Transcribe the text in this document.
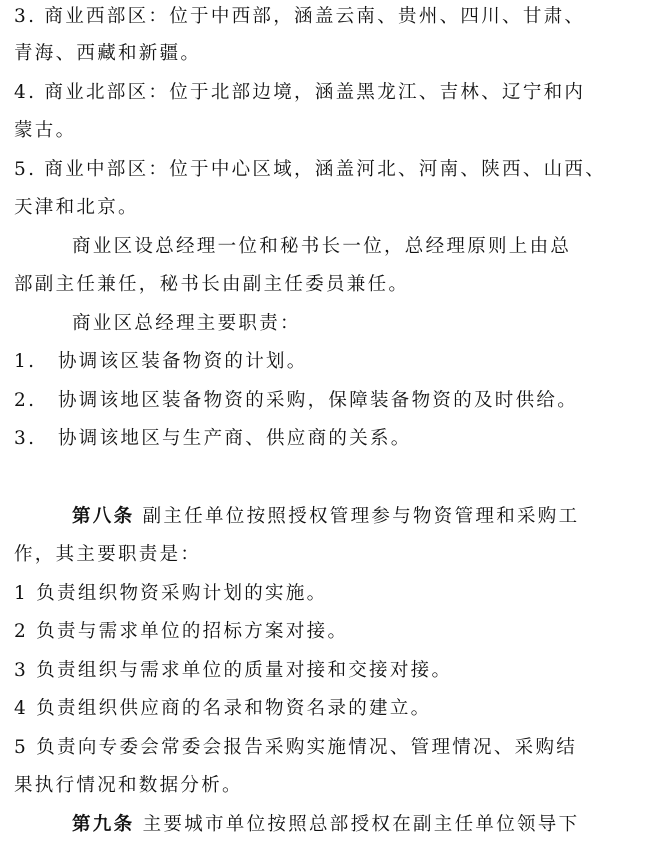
3. 商业西部区：位于中西部，涵盖云南、贵州、四川、甘肃、
青海、西藏和新疆。
4. 商业北部区：位于北部边境，涵盖黑龙江、吉林、辽宁和内
蒙古。
5. 商业中部区：位于中心区域，涵盖河北、河南、陕西、山西、
天津和北京。
商业区设总经理一位和秘书长一位，总经理原则上由总
部副主任兼任，秘书长由副主任委员兼任。
商业区总经理主要职责：
1. 协调该区装备物资的计划。
2. 协调该地区装备物资的采购，保障装备物资的及时供给。
3. 协调该地区与生产商、供应商的关系。
第八条 副主任单位按照授权管理参与物资管理和采购工
作，其主要职责是：
1 负责组织物资采购计划的实施。
2 负责与需求单位的招标方案对接。
3 负责组织与需求单位的质量对接和交接对接。
4 负责组织供应商的名录和物资名录的建立。
5 负责向专委会常委会报告采购实施情况、管理情况、采购结
果执行情况和数据分析。
第九条 主要城市单位按照总部授权在副主任单位领导下
